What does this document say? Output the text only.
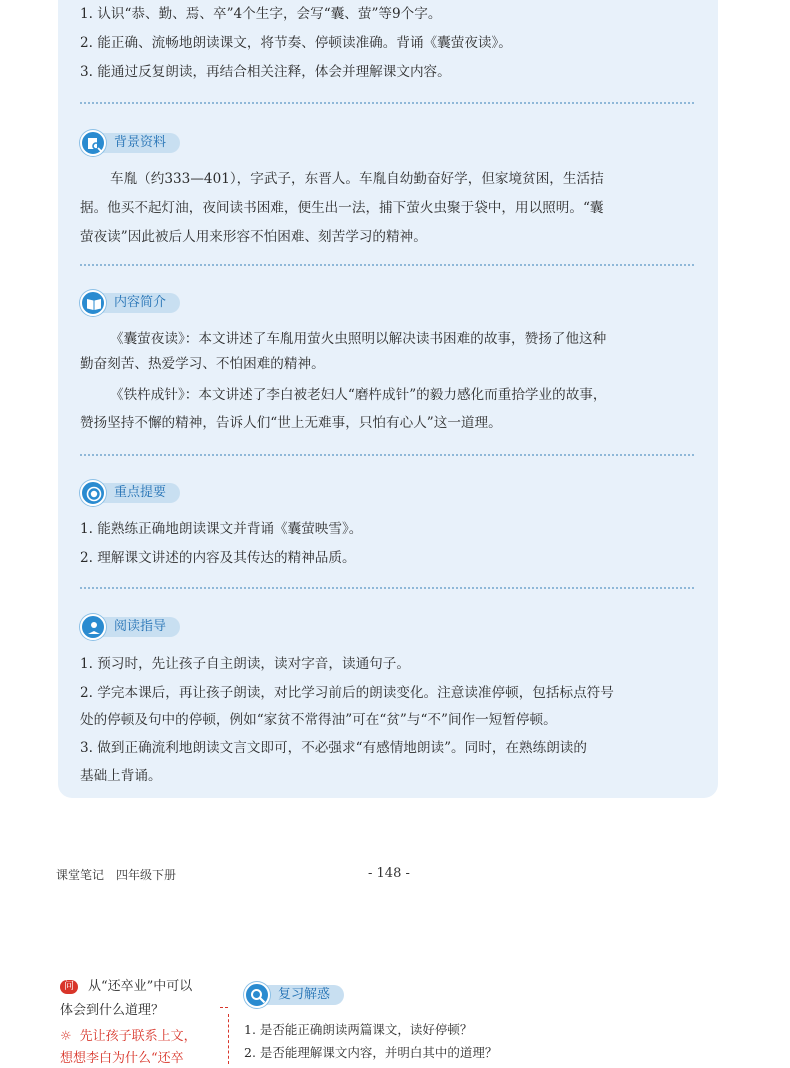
1. 认识“恭、勤、焉、卒”4个生字，会写“囊、萤”等9个字。
2. 能正确、流畅地朗读课文，将节奏、停顿读准确。背诵《囊萤夜读》。
3. 能通过反复朗读，再结合相关注释，体会并理解课文内容。
背景资料
车胤（约333—401），字武子，东晋人。车胤自幼勤奋好学，但家境贫困，生活拮
据。他买不起灯油，夜间读书困难，便生出一法，捕下萤火虫聚于袋中，用以照明。“囊
萤夜读”因此被后人用来形容不怕困难、刻苦学习的精神。
内容简介
《囊萤夜读》：本文讲述了车胤用萤火虫照明以解决读书困难的故事，赞扬了他这种
勤奋刻苦、热爱学习、不怕困难的精神。
《铁杵成针》：本文讲述了李白被老妇人“磨杵成针”的毅力感化而重拾学业的故事，
赞扬坚持不懈的精神，告诉人们“世上无难事，只怕有心人”这一道理。
重点提要
1. 能熟练正确地朗读课文并背诵《囊萤映雪》。
2. 理解课文讲述的内容及其传达的精神品质。
阅读指导
1. 预习时，先让孩子自主朗读，读对字音，读通句子。
2. 学完本课后，再让孩子朗读，对比学习前后的朗读变化。注意读准停顿，包括标点符号
处的停顿及句中的停顿，例如“家贫不常得油”可在“贫”与“不”间作一短暂停顿。
3. 做到正确流利地朗读文言文即可，不必强求“有感情地朗读”。同时，在熟练朗读的
基础上背诵。
课堂笔记　四年级下册	- 148 -
问 从“还卒业”中可以
体会到什么道理？
☼ 先让孩子联系上文，
想想李白为什么“还卒
复习解惑
1. 是否能正确朗读两篇课文，读好停顿？
2. 是否能理解课文内容，并明白其中的道理？
